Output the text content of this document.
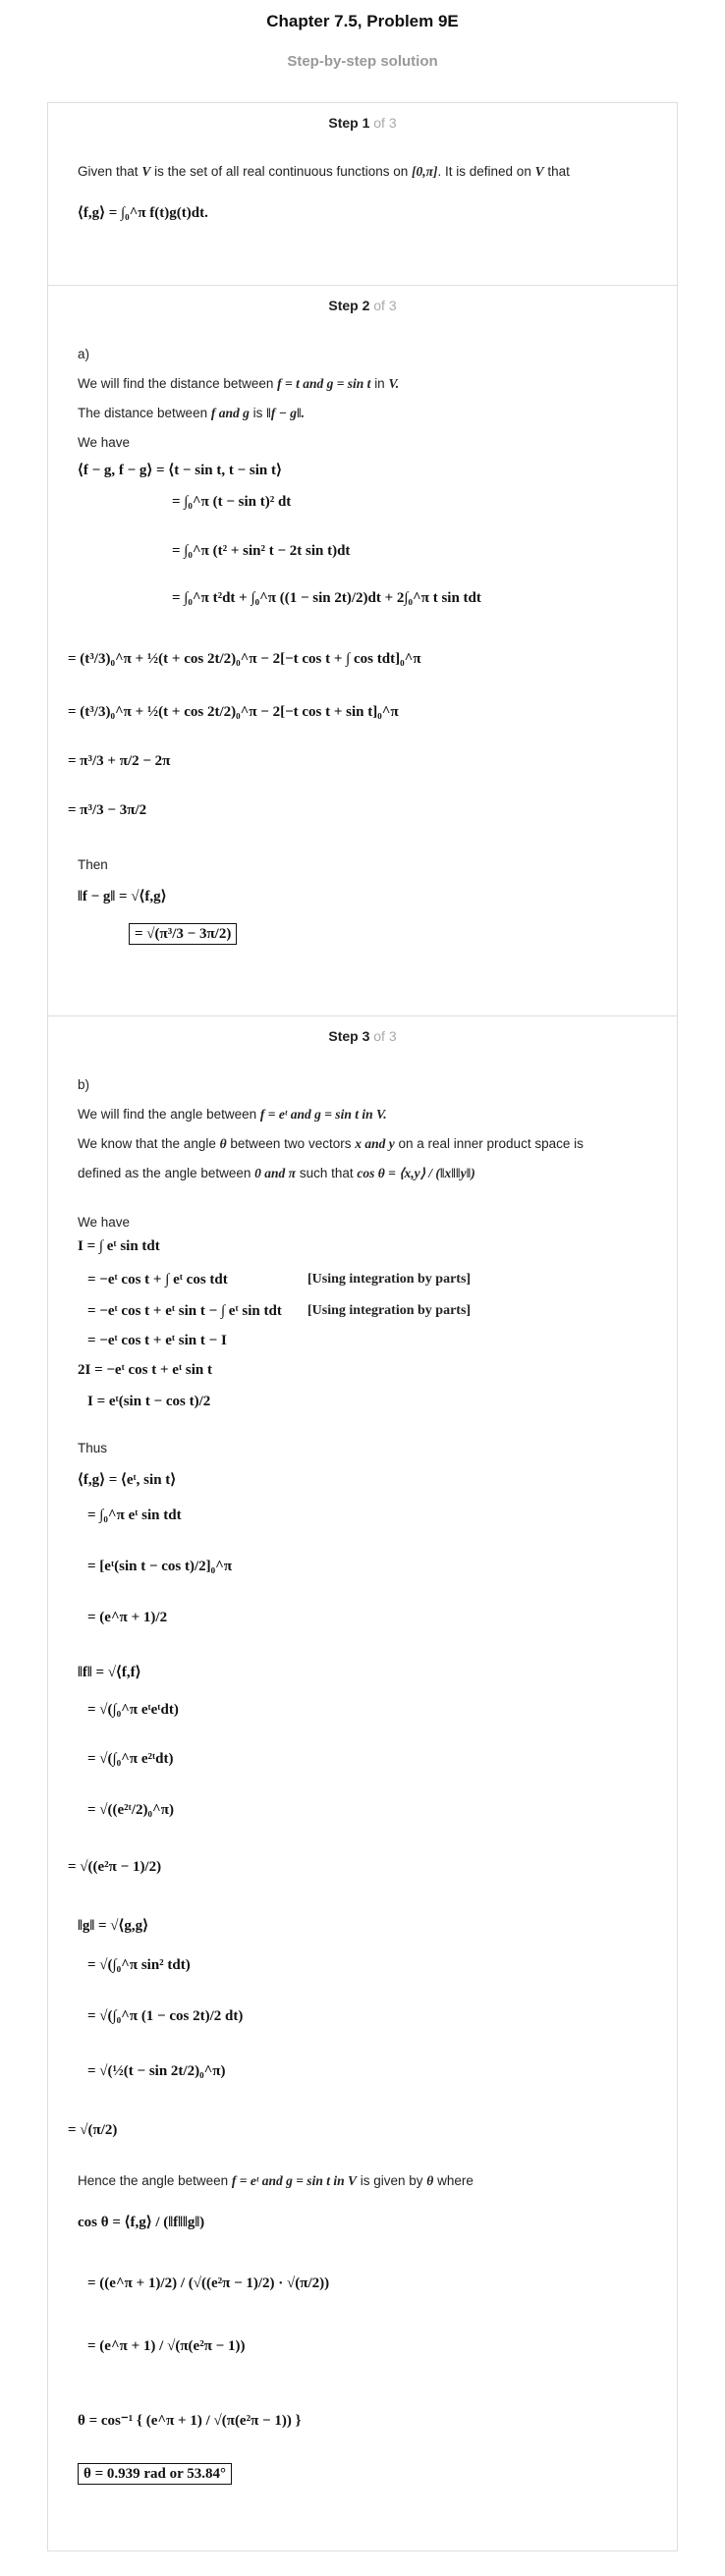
Chapter 7.5, Problem 9E
Step-by-step solution
Step 1 of 3
Given that V is the set of all real continuous functions on [0,π]. It is defined on V that
⟨f,g⟩ = ∫₀^π f(t)g(t)dt.
Step 2 of 3
a)
We will find the distance between f = t and g = sin t in V.
The distance between f and g is ‖f − g‖.
We have
⟨f − g, f − g⟩ = ⟨t − sin t, t − sin t⟩
= ∫₀^π (t − sin t)² dt
= ∫₀^π (t² + sin² t − 2t sin t)dt
= ∫₀^π t²dt + ∫₀^π ((1 − sin 2t)/2)dt + 2∫₀^π t sin tdt
= (t³/3)₀^π + ½(t + cos 2t/2)₀^π − 2[−t cos t + ∫ cos tdt]₀^π
= (t³/3)₀^π + ½(t + cos 2t/2)₀^π − 2[−t cos t + sin t]₀^π
= π³/3 + π/2 − 2π
= π³/3 − 3π/2
Then
‖f − g‖ = √⟨f,g⟩
= √(π³/3 − 3π/2)
Step 3 of 3
b)
We will find the angle between f = eᵗ and g = sin t in V.
We know that the angle θ between two vectors x and y on a real inner product space is
defined as the angle between 0 and π such that cos θ = ⟨x,y⟩ / (‖x‖‖y‖)
We have
I = ∫ eᵗ sin tdt
= −eᵗ cos t + ∫ eᵗ cos tdt	[Using integration by parts]
= −eᵗ cos t + eᵗ sin t − ∫ eᵗ sin tdt [Using integration by parts]
= −eᵗ cos t + eᵗ sin t − I
2I = −eᵗ cos t + eᵗ sin t
I = eᵗ(sin t − cos t)/2
Thus
⟨f,g⟩ = ⟨eᵗ, sin t⟩
= ∫₀^π eᵗ sin tdt
= [eᵗ(sin t − cos t)/2]₀^π
= (e^π + 1)/2
‖f‖ = √⟨f,f⟩
= √(∫₀^π eᵗeᵗdt)
= √(∫₀^π e²ᵗdt)
= √((e²ᵗ/2)₀^π)
= √((e²π − 1)/2)
‖g‖ = √⟨g,g⟩
= √(∫₀^π sin² tdt)
= √(∫₀^π (1 − cos 2t)/2 dt)
= √(½(t − sin 2t/2)₀^π)
= √(π/2)
Hence the angle between f = eᵗ and g = sin t in V is given by θ where
cos θ = ⟨f,g⟩ / (‖f‖‖g‖)
= ((e^π + 1)/2) / (√((e²π − 1)/2) · √(π/2))
= (e^π + 1) / √(π(e²π − 1))
θ = cos⁻¹ { (e^π + 1) / √(π(e²π − 1)) }
θ = 0.939 rad or 53.84°
